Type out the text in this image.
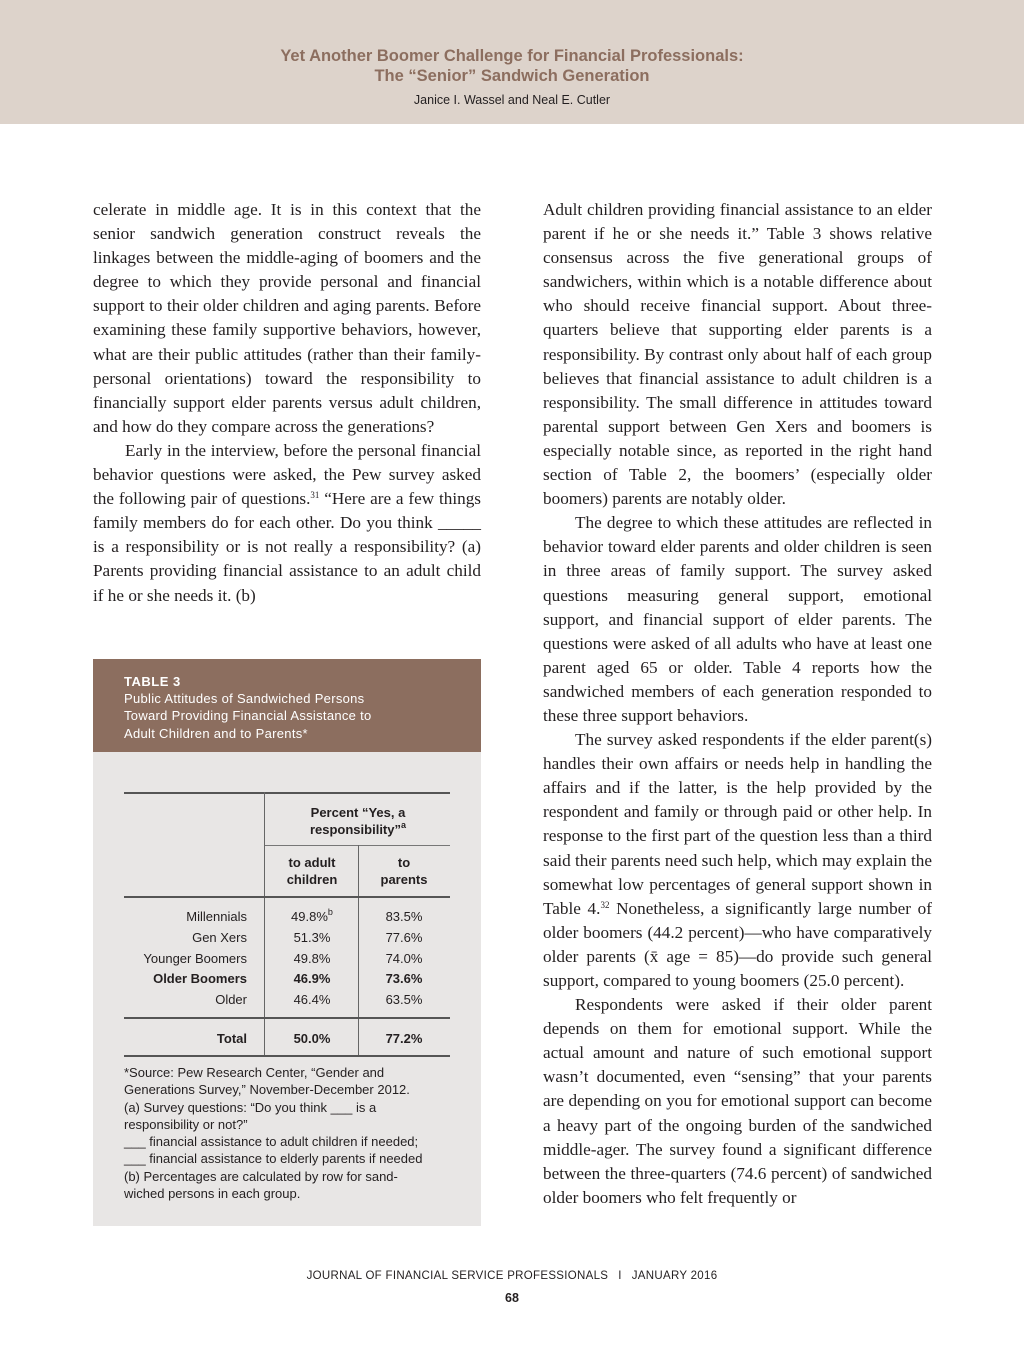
Yet Another Boomer Challenge for Financial Professionals:
The “Senior” Sandwich Generation
Janice I. Wassel and Neal E. Cutler

celerate in middle age. It is in this context that the senior sandwich generation construct reveals the linkages between the middle-aging of boomers and the degree to which they provide personal and financial support to their older children and aging parents. Before examining these family supportive behaviors, however, what are their public attitudes (rather than their family-personal orientations) toward the responsibility to financially support elder parents versus adult children, and how do they compare across the generations?

Early in the interview, before the personal financial behavior questions were asked, the Pew survey asked the following pair of questions.$^{31}$ “Here are a few things family members do for each other. Do you think _____ is a responsibility or is not really a responsibility? (a) Parents providing financial assistance to an adult child if he or she needs it. (b)

TABLE 3
Public Attitudes of Sandwiched Persons
Toward Providing Financial Assistance to
Adult Children and to Parents*
Percent “Yes, a
responsibility”$^a$
to adult
children
to
parents
Millennials	49.8%$^b$	83.5%
Gen Xers	51.3%	77.6%
Younger Boomers	49.8%	74.0%
Older Boomers	46.9%	73.6%
Older	46.4%	63.5%
Total	50.0%	77.2%
*Source: Pew Research Center, “Gender and
Generations Survey,” November-December 2012.
(a) Survey questions: “Do you think ___ is a
responsibility or not?”
___ financial assistance to adult children if needed;
___ financial assistance to elderly parents if needed
(b) Percentages are calculated by row for sand-
wiched persons in each group.

Adult children providing financial assistance to an elder parent if he or she needs it.” Table 3 shows relative consensus across the five generational groups of sandwichers, within which is a notable difference about who should receive financial support. About three-quarters believe that supporting elder parents is a responsibility. By contrast only about half of each group believes that financial assistance to adult children is a responsibility. The small difference in attitudes toward parental support between Gen Xers and boomers is especially notable since, as reported in the right hand section of Table 2, the boomers’ (especially older boomers) parents are notably older.

The degree to which these attitudes are reflected in behavior toward elder parents and older children is seen in three areas of family support. The survey asked questions measuring general support, emotional support, and financial support of elder parents. The questions were asked of all adults who have at least one parent aged 65 or older. Table 4 reports how the sandwiched members of each generation responded to these three support behaviors.

The survey asked respondents if the elder parent(s) handles their own affairs or needs help in handling the affairs and if the latter, is the help provided by the respondent and family or through paid or other help. In response to the first part of the question less than a third said their parents need such help, which may explain the somewhat low percentages of general support shown in Table 4.32 Nonetheless, a significantly large number of older boomers (44.2 percent)—who have comparatively older parents (x̄ age = 85)—do provide such general support, compared to young boomers (25.0 percent).

Respondents were asked if their older parent depends on them for emotional support. While the actual amount and nature of such emotional support wasn’t documented, even “sensing” that your parents are depending on you for emotional support can become a heavy part of the ongoing burden of the sandwiched middle-ager. The survey found a significant difference between the three-quarters (74.6 percent) of sandwiched older boomers who felt frequently or

JOURNAL OF FINANCIAL SERVICE PROFESSIONALS I JANUARY 2016
68
